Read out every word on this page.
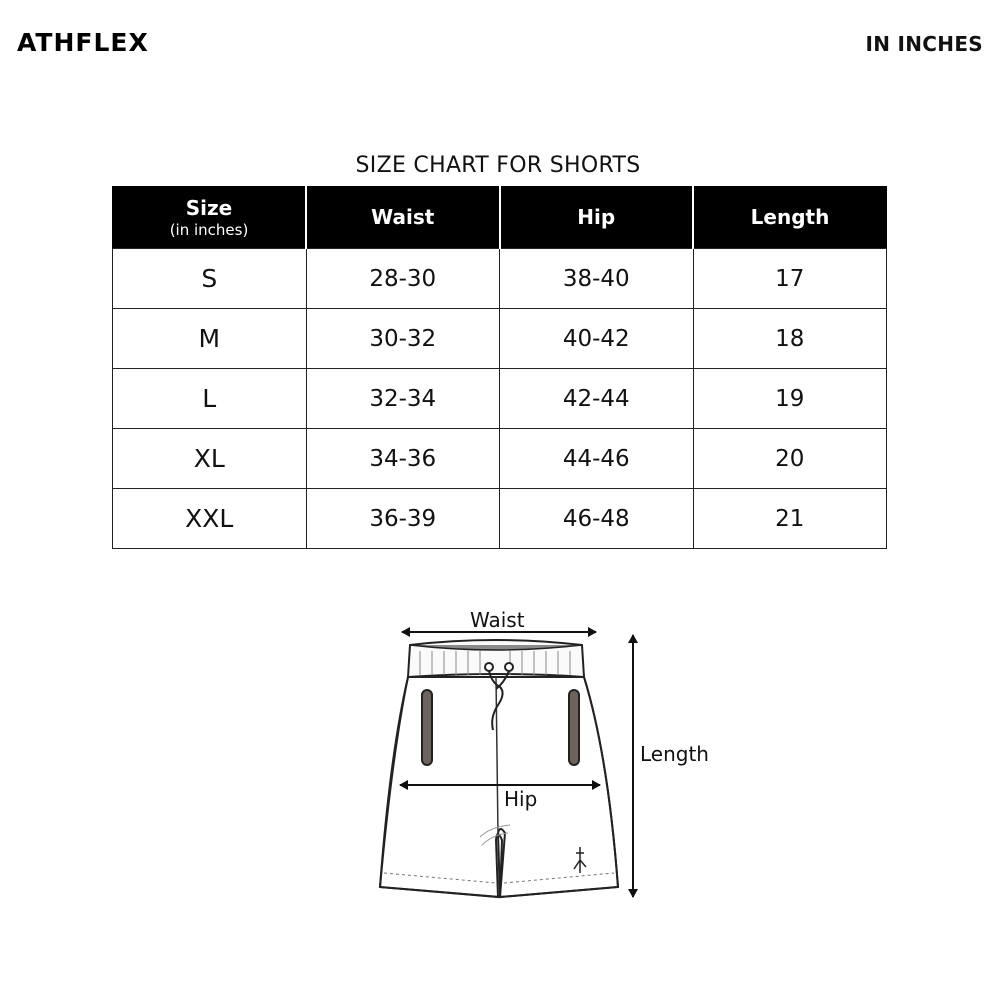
ATHFLEX	IN INCHES
SIZE CHART FOR SHORTS
Size
(in inches)	Waist	Hip	Length
S	28-30	38-40	17
M	30-32	40-42	18
L	32-34	42-44	19
XL	34-36	44-46	20
XXL	36-39	46-48	21
Waist
Hip
Length
